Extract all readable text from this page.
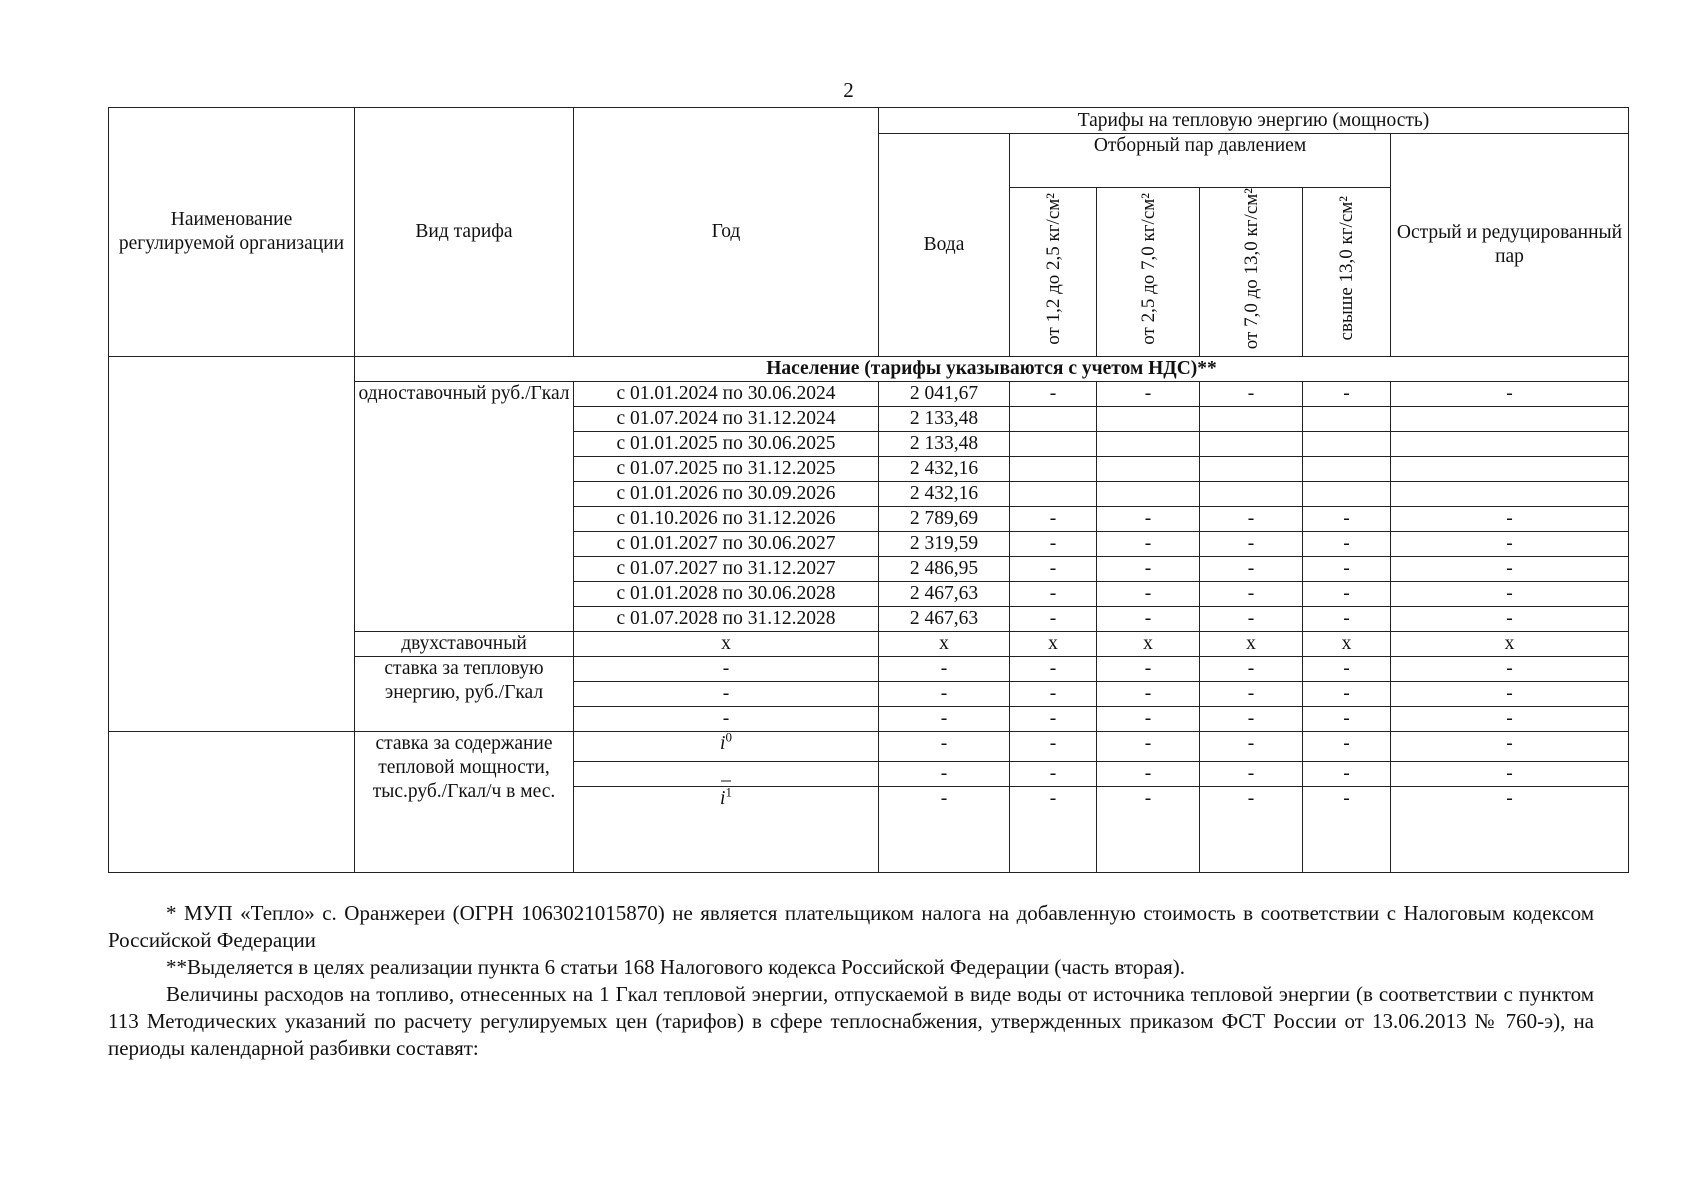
2
Наименование регулируемой организации	Вид тарифа	Год	Тарифы на тепловую энергию (мощность)					
			Вода	Отборный пар давлением				Острый и редуцированный пар
				от 1,2 до 2,5 кг/см²	от 2,5 до 7,0 кг/см²	от 7,0 до 13,0 кг/см²	свыше 13,0 кг/см²	
	Население (тарифы указываются с учетом НДС)**							
	одноставочный руб./Гкал	с 01.01.2024 по 30.06.2024	2 041,67	-	-	-	-	-
		с 01.07.2024 по 31.12.2024	2 133,48					
		с 01.01.2025 по 30.06.2025	2 133,48					
		с 01.07.2025 по 31.12.2025	2 432,16					
		с 01.01.2026 по 30.09.2026	2 432,16					
		с 01.10.2026 по 31.12.2026	2 789,69	-	-	-	-	-
		с 01.01.2027 по 30.06.2027	2 319,59	-	-	-	-	-
		с 01.07.2027 по 31.12.2027	2 486,95	-	-	-	-	-
		с 01.01.2028 по 30.06.2028	2 467,63	-	-	-	-	-
		с 01.07.2028 по 31.12.2028	2 467,63	-	-	-	-	-
	двухставочный	x	x	x	x	x	x	x
	ставка за тепловую энергию, руб./Гкал	-	-	-	-	-	-	-
		-	-	-	-	-	-	-
		-	-	-	-	-	-	-
	ставка за содержание тепловой мощности, тыс.руб./Гкал/ч в мес.	$i^0$	-	-	-	-	-	-
		_	-	-	-	-	-	-
		$i^1$	-	-	-	-	-	-

* МУП «Тепло» с. Оранжереи (ОГРН 1063021015870) не является плательщиком налога на добавленную стоимость в соответствии с Налоговым кодексом Российской Федерации

**Выделяется в целях реализации пункта 6 статьи 168 Налогового кодекса Российской Федерации (часть вторая).

Величины расходов на топливо, отнесенных на 1 Гкал тепловой энергии, отпускаемой в виде воды от источника тепловой энергии (в соответствии с пунктом 113 Методических указаний по расчету регулируемых цен (тарифов) в сфере теплоснабжения, утвержденных приказом ФСТ России от 13.06.2013 № 760-э), на периоды календарной разбивки составят:
